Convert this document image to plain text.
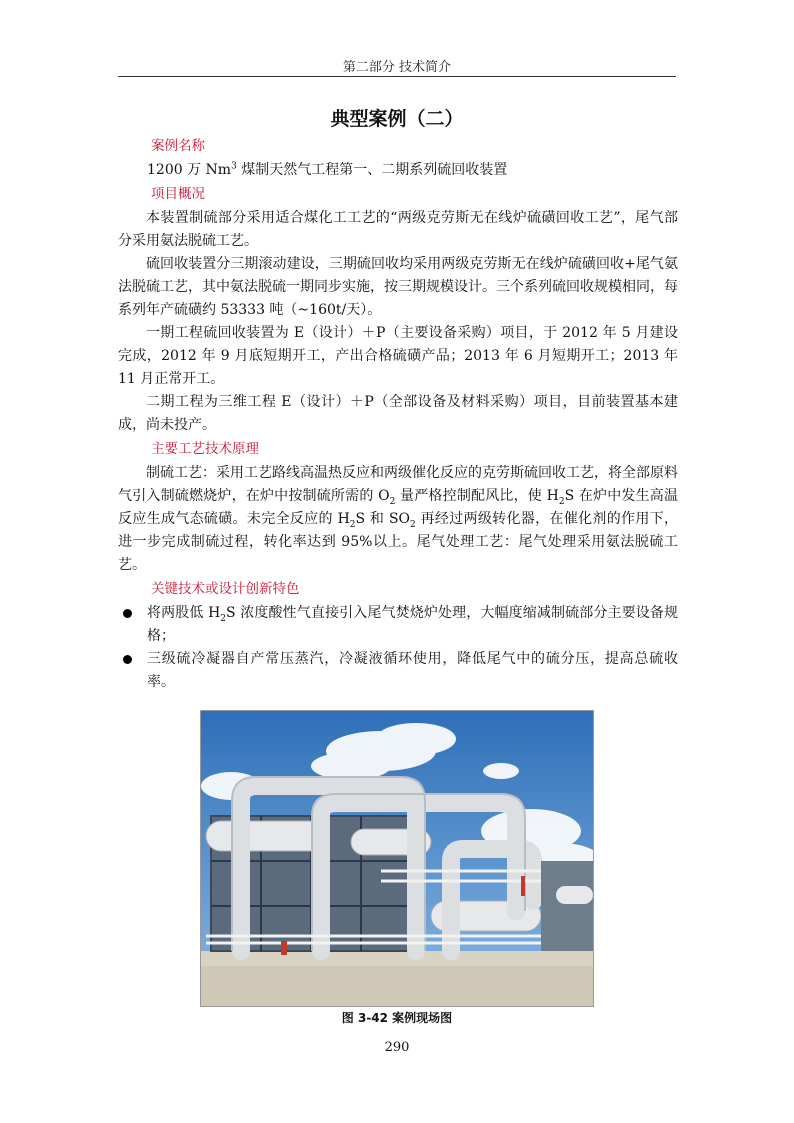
第二部分 技术简介
典型案例（二）
案例名称

1200 万 Nm$^3$ 煤制天然气工程第一、二期系列硫回收装置

项目概况

本装置制硫部分采用适合煤化工工艺的“两级克劳斯无在线炉硫磺回收工艺”，尾气部分采用氨法脱硫工艺。

硫回收装置分三期滚动建设，三期硫回收均采用两级克劳斯无在线炉硫磺回收+尾气氨法脱硫工艺，其中氨法脱硫一期同步实施，按三期规模设计。三个系列硫回收规模相同，每系列年产硫磺约 53333 吨（~160t/天）。

一期工程硫回收装置为 E（设计）＋P（主要设备采购）项目，于 2012 年 5 月建设完成，2012 年 9 月底短期开工，产出合格硫磺产品；2013 年 6 月短期开工；2013 年 11 月正常开工。

二期工程为三维工程 E（设计）＋P（全部设备及材料采购）项目，目前装置基本建成，尚未投产。

主要工艺技术原理

制硫工艺：采用工艺路线高温热反应和两级催化反应的克劳斯硫回收工艺，将全部原料气引入制硫燃烧炉，在炉中按制硫所需的 $O_2$ 量严格控制配风比，使 $H_2S$ 在炉中发生高温反应生成气态硫磺。未完全反应的 $H_2S$ 和 $SO_2$ 再经过两级转化器，在催化剂的作用下，进一步完成制硫过程，转化率达到 95%以上。尾气处理工艺：尾气处理采用氨法脱硫工艺。

关键技术或设计创新特色

将两股低 $H_2S$ 浓度酸性气直接引入尾气焚烧炉处理，大幅度缩减制硫部分主要设备规格；

三级硫冷凝器自产常压蒸汽，冷凝液循环使用，降低尾气中的硫分压，提高总硫收率。

图 3-42 案例现场图
290
